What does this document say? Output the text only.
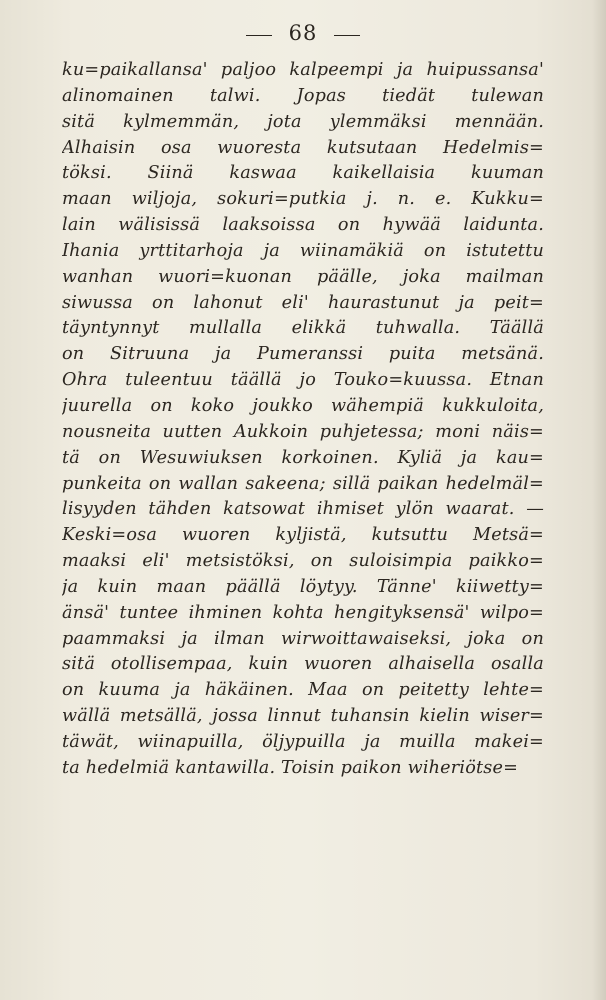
68
ku=paikallansa' paljoo kalpeempi ja huipussansa'
alinomainen talwi. Jopas tiedät tulewan
sitä kylmemmän, jota ylemmäksi mennään.
Alhaisin osa wuoresta kutsutaan Hedelmis=
töksi. Siinä kaswaa kaikellaisia kuuman
maan wiljoja, sokuri=putkia j. n. e. Kukku=
lain wälisissä laaksoissa on hywää laidunta.
Ihania yrttitarhoja ja wiinamäkiä on istutettu
wanhan wuori=kuonan päälle, joka mailman
siwussa on lahonut eli' haurastunut ja peit=
täyntynnyt mullalla elikkä tuhwalla. Täällä
on Sitruuna ja Pumeranssi puita metsänä.
Ohra tuleentuu täällä jo Touko=kuussa. Etnan
juurella on koko joukko wähempiä kukkuloita,
nousneita uutten Aukkoin puhjetessa; moni näis=
tä on Wesuwiuksen korkoinen. Kyliä ja kau=
punkeita on wallan sakeena; sillä paikan hedelmäl=
lisyyden tähden katsowat ihmiset ylön waarat. —
Keski=osa wuoren kyljistä, kutsuttu Metsä=
maaksi eli' metsistöksi, on suloisimpia paikko=
ja kuin maan päällä löytyy. Tänne' kiiwetty=
änsä' tuntee ihminen kohta hengityksensä' wilpo=
paammaksi ja ilman wirwoittawaiseksi, joka on
sitä otollisempaa, kuin wuoren alhaisella osalla
on kuuma ja häkäinen. Maa on peitetty lehte=
wällä metsällä, jossa linnut tuhansin kielin wiser=
täwät, wiinapuilla, öljypuilla ja muilla makei=
ta hedelmiä kantawilla. Toisin paikon wiheriötse=
